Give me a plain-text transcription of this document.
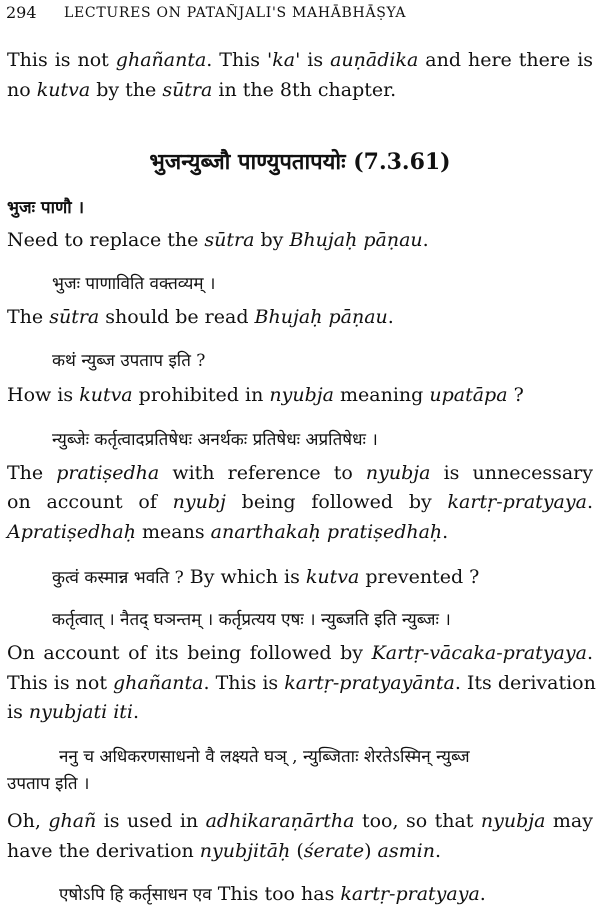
294 LECTURES ON PATAÑJALI'S MAHĀBHĀṢYA
This is not ghañanta. This 'ka' is auṇādika and here there is
no kutva by the sūtra in the 8th chapter.
भुजन्युब्जौ पाण्युपतापयोः (7.3.61)
भुजः पाणौ ।
Need to replace the sūtra by Bhujaḥ pāṇau.
भुजः पाणाविति वक्तव्यम् ।
The sūtra should be read Bhujaḥ pāṇau.
कथं न्युब्ज उपताप इति ?
How is kutva prohibited in nyubja meaning upatāpa ?
न्युब्जेः कर्तृत्वादप्रतिषेधः अनर्थकः प्रतिषेधः अप्रतिषेधः ।
The pratiṣedha with reference to nyubja is unnecessary
on account of nyubj being followed by kartṛ-pratyaya.
Apratiṣedhaḥ means anarthakaḥ pratiṣedhaḥ.
कुत्वं कस्मान्न भवति ? By which is kutva prevented ?
कर्तृत्वात् । नैतद् घञन्तम् । कर्तृप्रत्यय एषः । न्युब्जति इति न्युब्जः ।
On account of its being followed by Kartṛ-vācaka-pratyaya.
This is not ghañanta. This is kartṛ-pratyayānta. Its derivation
is nyubjati iti.
ननु च अधिकरणसाधनो वै लक्ष्यते घञ् , न्युब्जिताः शेरतेऽस्मिन् न्युब्ज
उपताप इति ।
Oh, ghañ is used in adhikaraṇārtha too, so that nyubja may
have the derivation nyubjitāḥ (śerate) asmin.
एषोऽपि हि कर्तृसाधन एव This too has kartṛ-pratyaya.
